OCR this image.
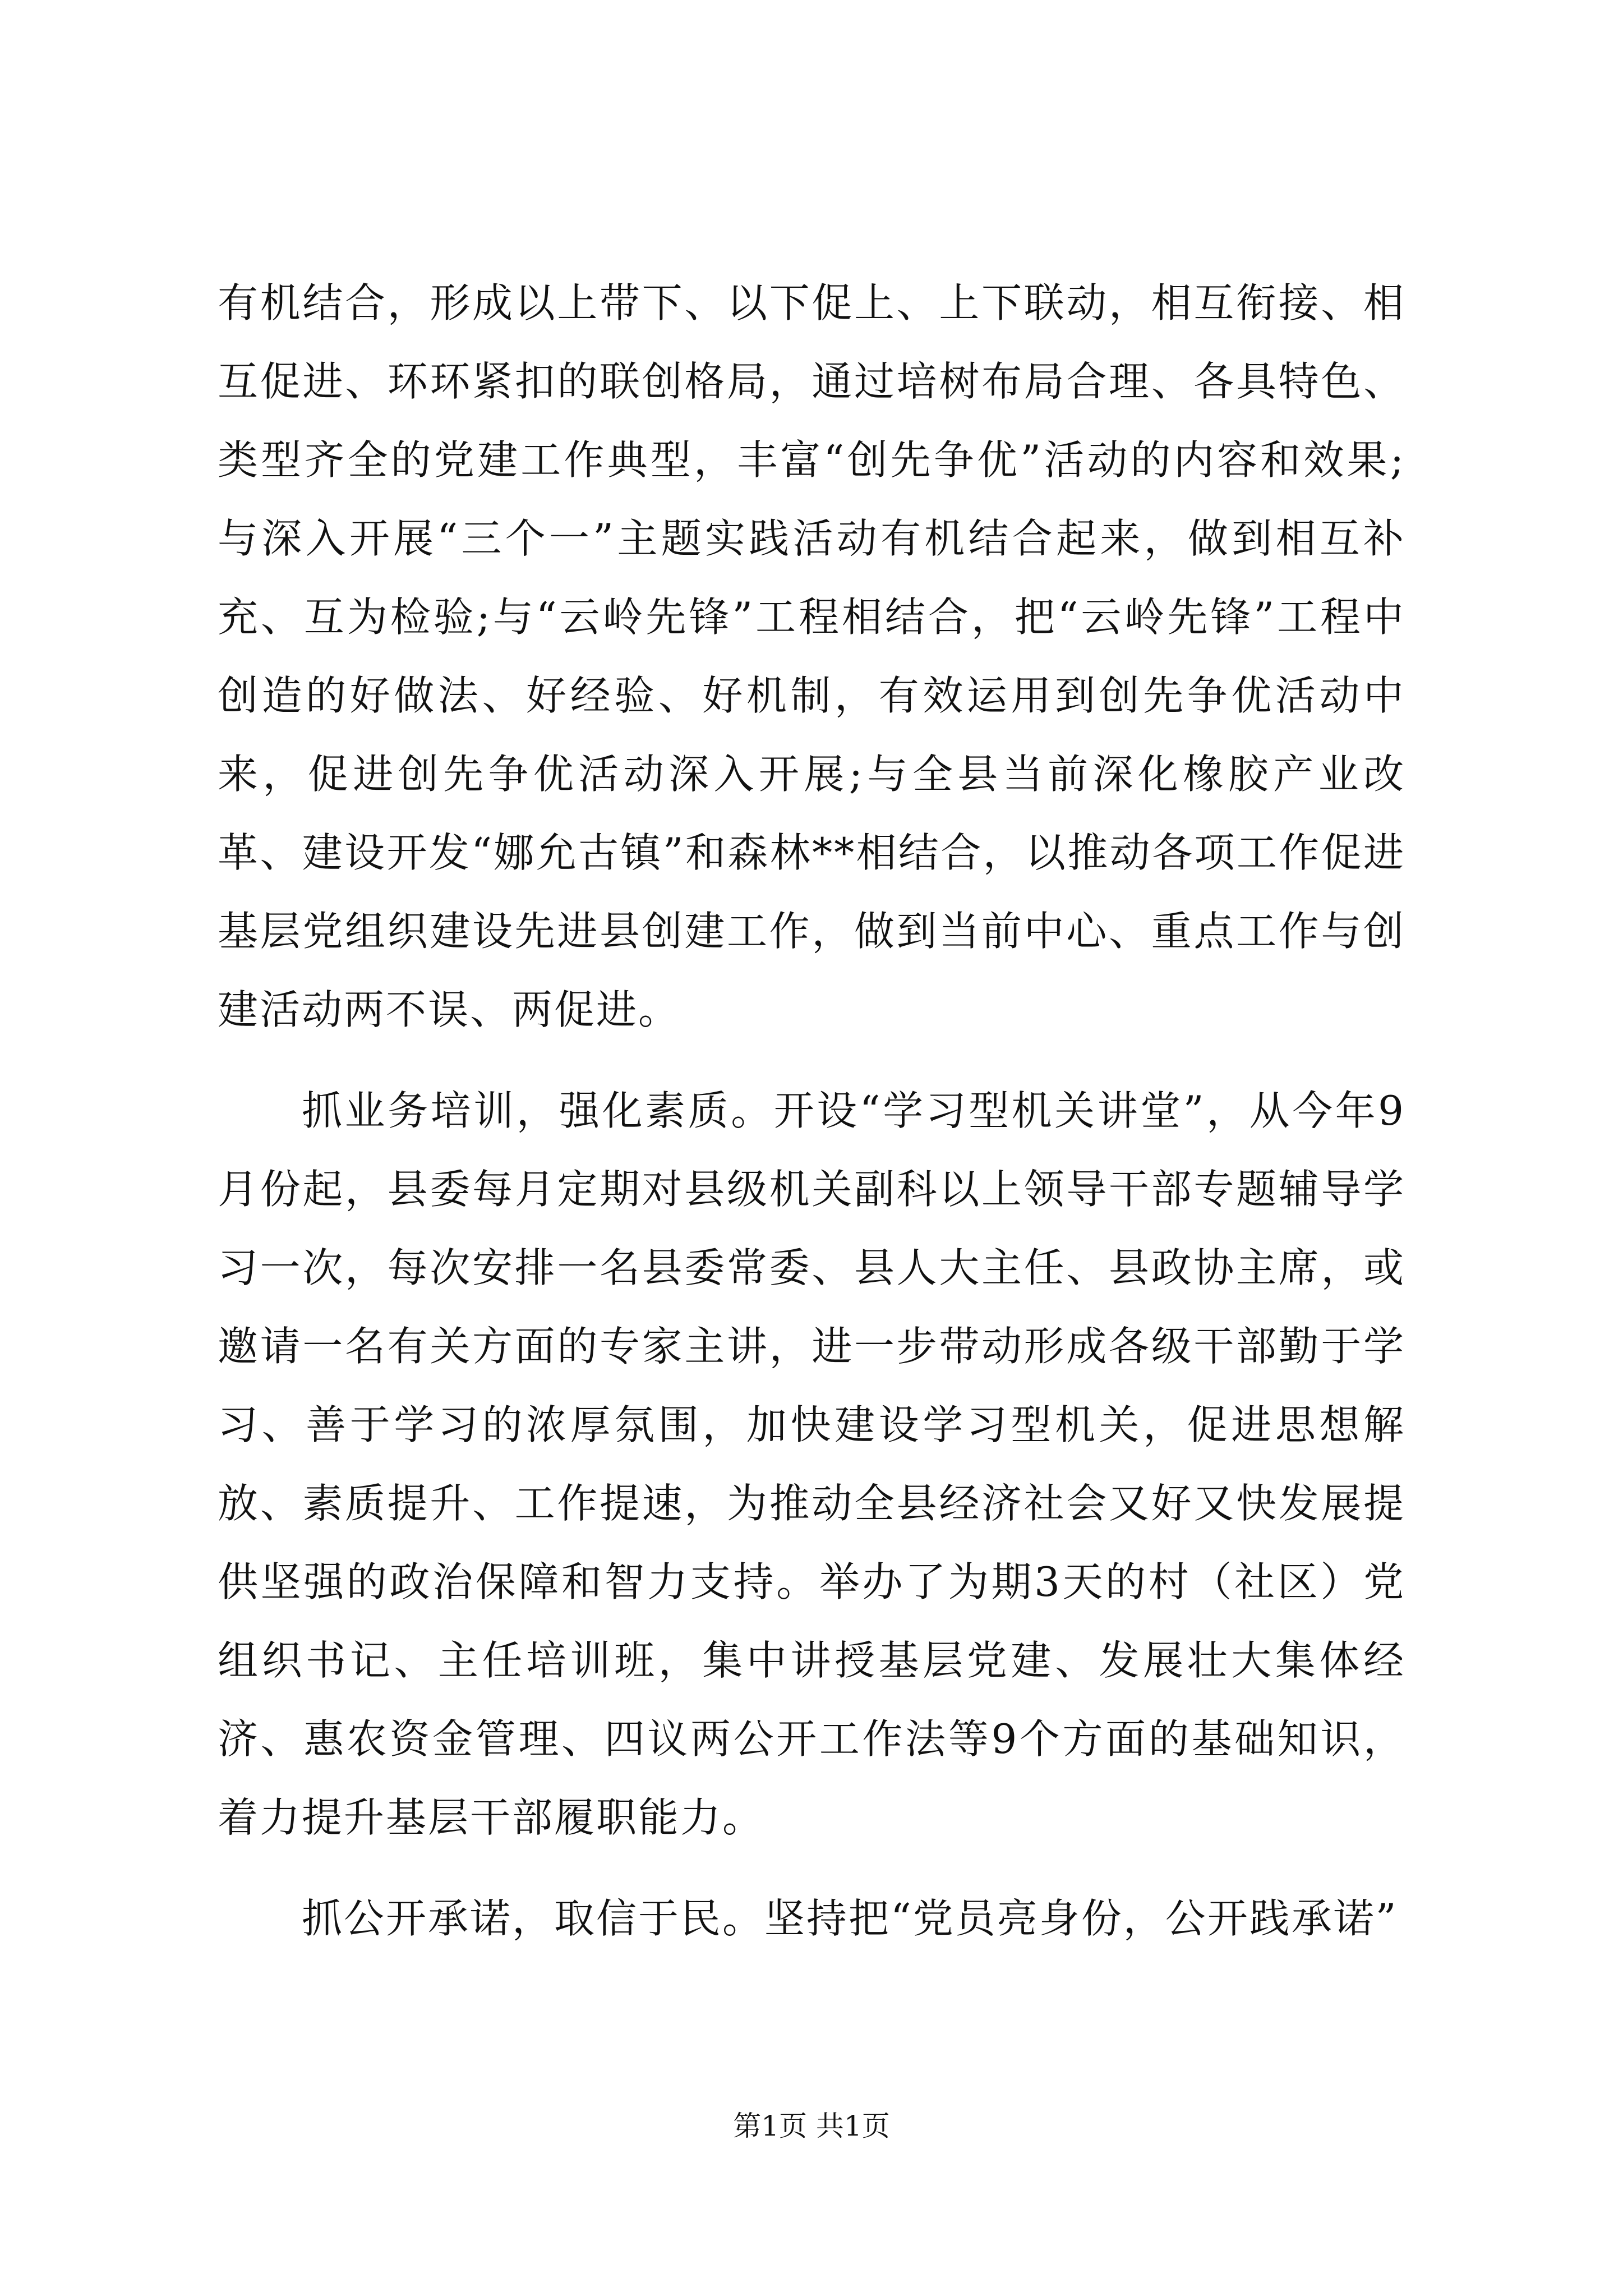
有机结合，形成以上带下、以下促上、上下联动，相互衔接、相互促进、环环紧扣的联创格局，通过培树布局合理、各具特色、类型齐全的党建工作典型，丰富“创先争优”活动的内容和效果;与深入开展“三个一”主题实践活动有机结合起来，做到相互补充、互为检验;与“云岭先锋”工程相结合，把“云岭先锋”工程中创造的好做法、好经验、好机制，有效运用到创先争优活动中来，促进创先争优活动深入开展;与全县当前深化橡胶产业改革、建设开发“娜允古镇”和森林**相结合，以推动各项工作促进基层党组织建设先进县创建工作，做到当前中心、重点工作与创建活动两不误、两促进。

抓业务培训，强化素质。开设“学习型机关讲堂”，从今年9月份起，县委每月定期对县级机关副科以上领导干部专题辅导学习一次，每次安排一名县委常委、县人大主任、县政协主席，或邀请一名有关方面的专家主讲，进一步带动形成各级干部勤于学习、善于学习的浓厚氛围，加快建设学习型机关，促进思想解放、素质提升、工作提速，为推动全县经济社会又好又快发展提供坚强的政治保障和智力支持。举办了为期3天的村（社区）党组织书记、主任培训班，集中讲授基层党建、发展壮大集体经济、惠农资金管理、四议两公开工作法等9个方面的基础知识，着力提升基层干部履职能力。

抓公开承诺，取信于民。坚持把“党员亮身份，公开践承诺”

第1页 共1页
